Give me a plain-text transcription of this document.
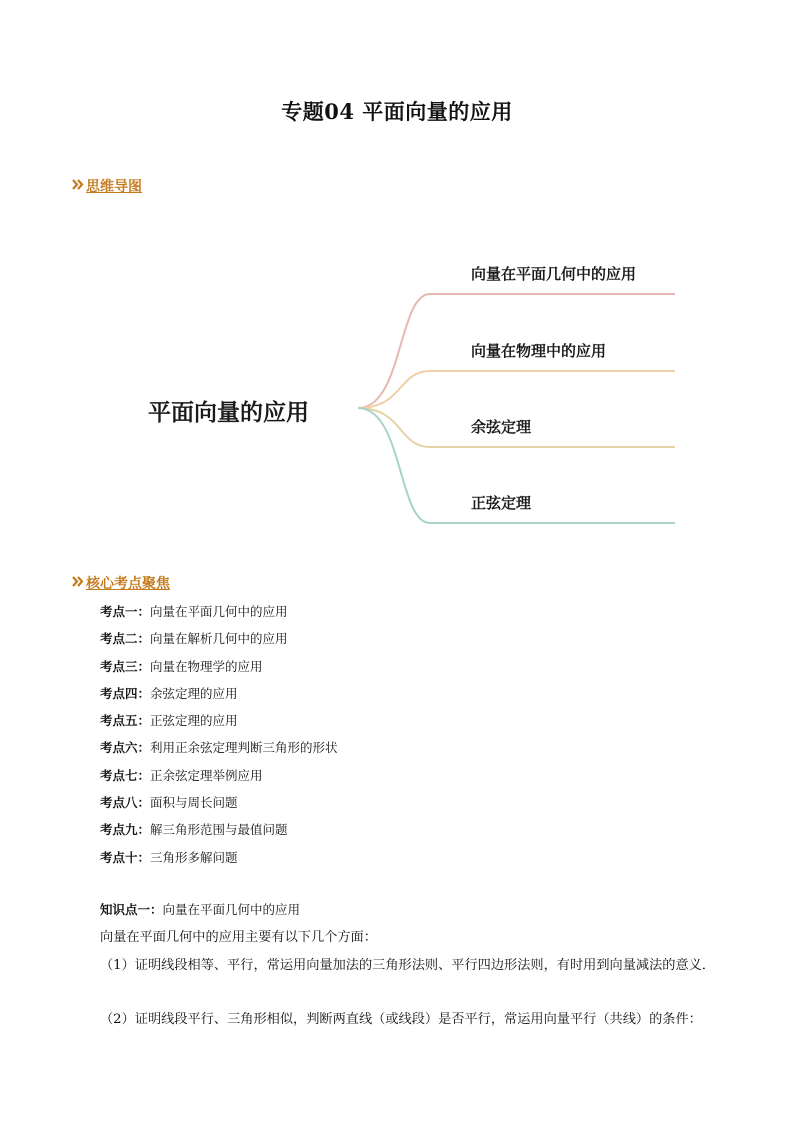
专题04 平面向量的应用
思维导图
平面向量的应用
向量在平面几何中的应用
向量在物理中的应用
余弦定理
正弦定理
核心考点聚焦
考点一：向量在平面几何中的应用
考点二：向量在解析几何中的应用
考点三：向量在物理学的应用
考点四：余弦定理的应用
考点五：正弦定理的应用
考点六：利用正余弦定理判断三角形的形状
考点七：正余弦定理举例应用
考点八：面积与周长问题
考点九：解三角形范围与最值问题
考点十：三角形多解问题
知识点一：向量在平面几何中的应用
向量在平面几何中的应用主要有以下几个方面：
（1）证明线段相等、平行，常运用向量加法的三角形法则、平行四边形法则，有时用到向量减法的意义．
（2）证明线段平行、三角形相似，判断两直线（或线段）是否平行，常运用向量平行（共线）的条件：
